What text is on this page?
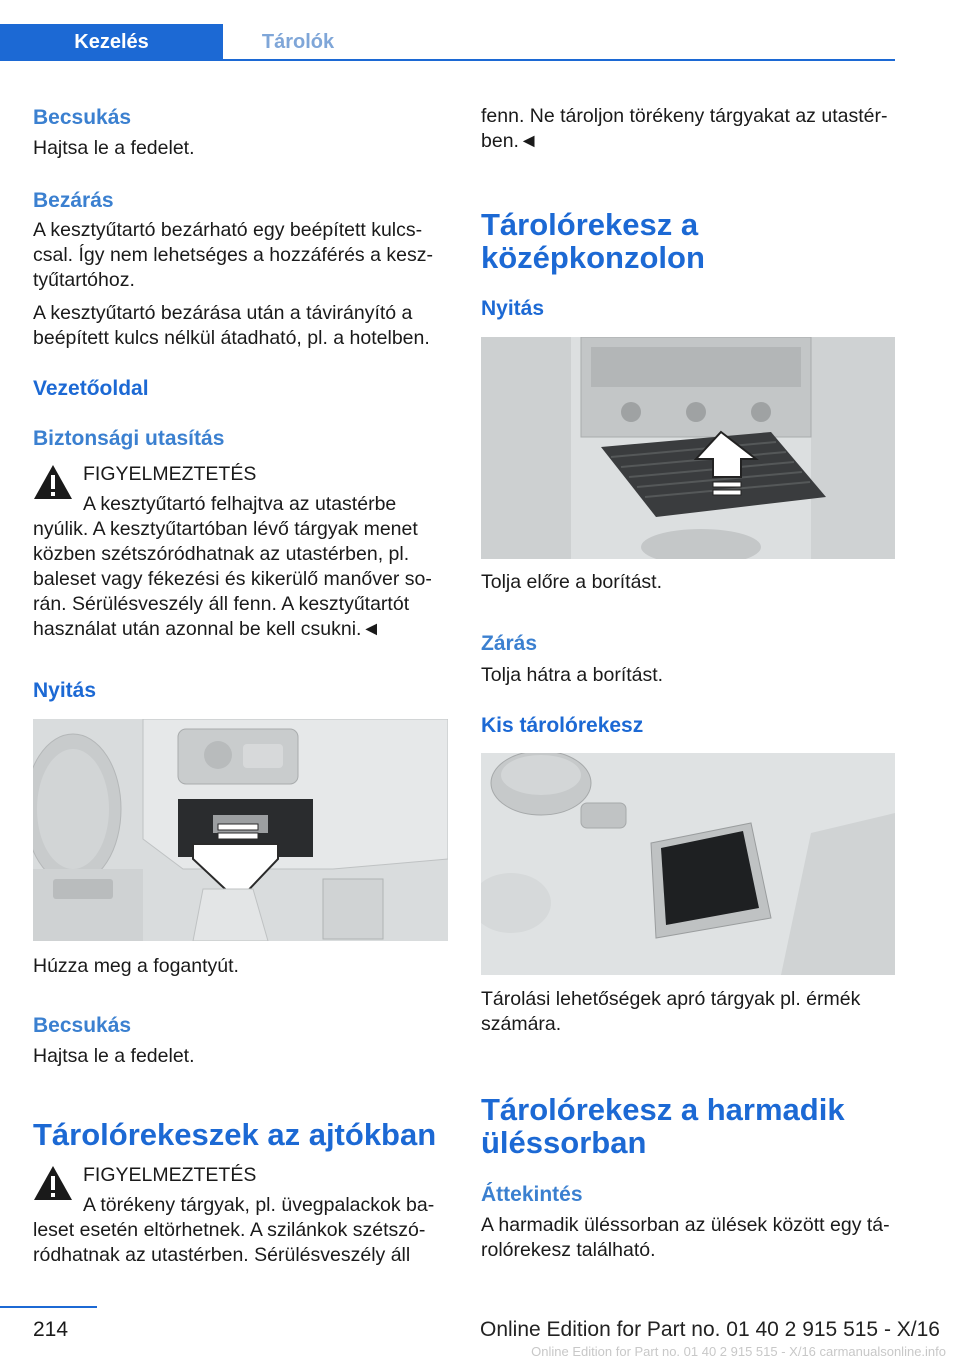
Kezelés	Tárolók
Becsukás

Hajtsa le a fedelet.

Bezárás

A kesztyűtartó bezárható egy beépített kulcs-csal. Így nem lehetséges a hozzáférés a kesz-tyűtartóhoz.

A kesztyűtartó bezárása után a távirányító a beépített kulcs nélkül átadható, pl. a hotelben.

Vezetőoldal
Biztonsági utasítás
FIGYELMEZTETÉS

A kesztyűtartó felhajtva az utastérbe nyúlik. A kesztyűtartóban lévő tárgyak menet közben szétszóródhatnak az utastérben, pl. baleset vagy fékezési és kikerülő manőver so-rán. Sérülésveszély áll fenn. A kesztyűtartót használat után azonnal be kell csukni.◄

Nyitás

Húzza meg a fogantyút.

Becsukás

Hajtsa le a fedelet.

Tárolórekeszek az ajtókban
FIGYELMEZTETÉS

A törékeny tárgyak, pl. üvegpalackok ba-leset esetén eltörhetnek. A szilánkok szétszó-ródhatnak az utastérben. Sérülésveszély áll

fenn. Ne tároljon törékeny tárgyakat az utastér-ben.◄

Tárolórekesz a középkonzolon
Nyitás

Tolja előre a borítást.

Zárás

Tolja hátra a borítást.

Kis tárolórekesz

Tárolási lehetőségek apró tárgyak pl. érmék számára.

Tárolórekesz a harmadik üléssorban
Áttekintés

A harmadik üléssorban az ülések között egy tá-rolórekesz található.

214	Online Edition for Part no. 01 40 2 915 515 - X/16
Online Edition for Part no. 01 40 2 915 515 - X/16 carmanualsonline.info
